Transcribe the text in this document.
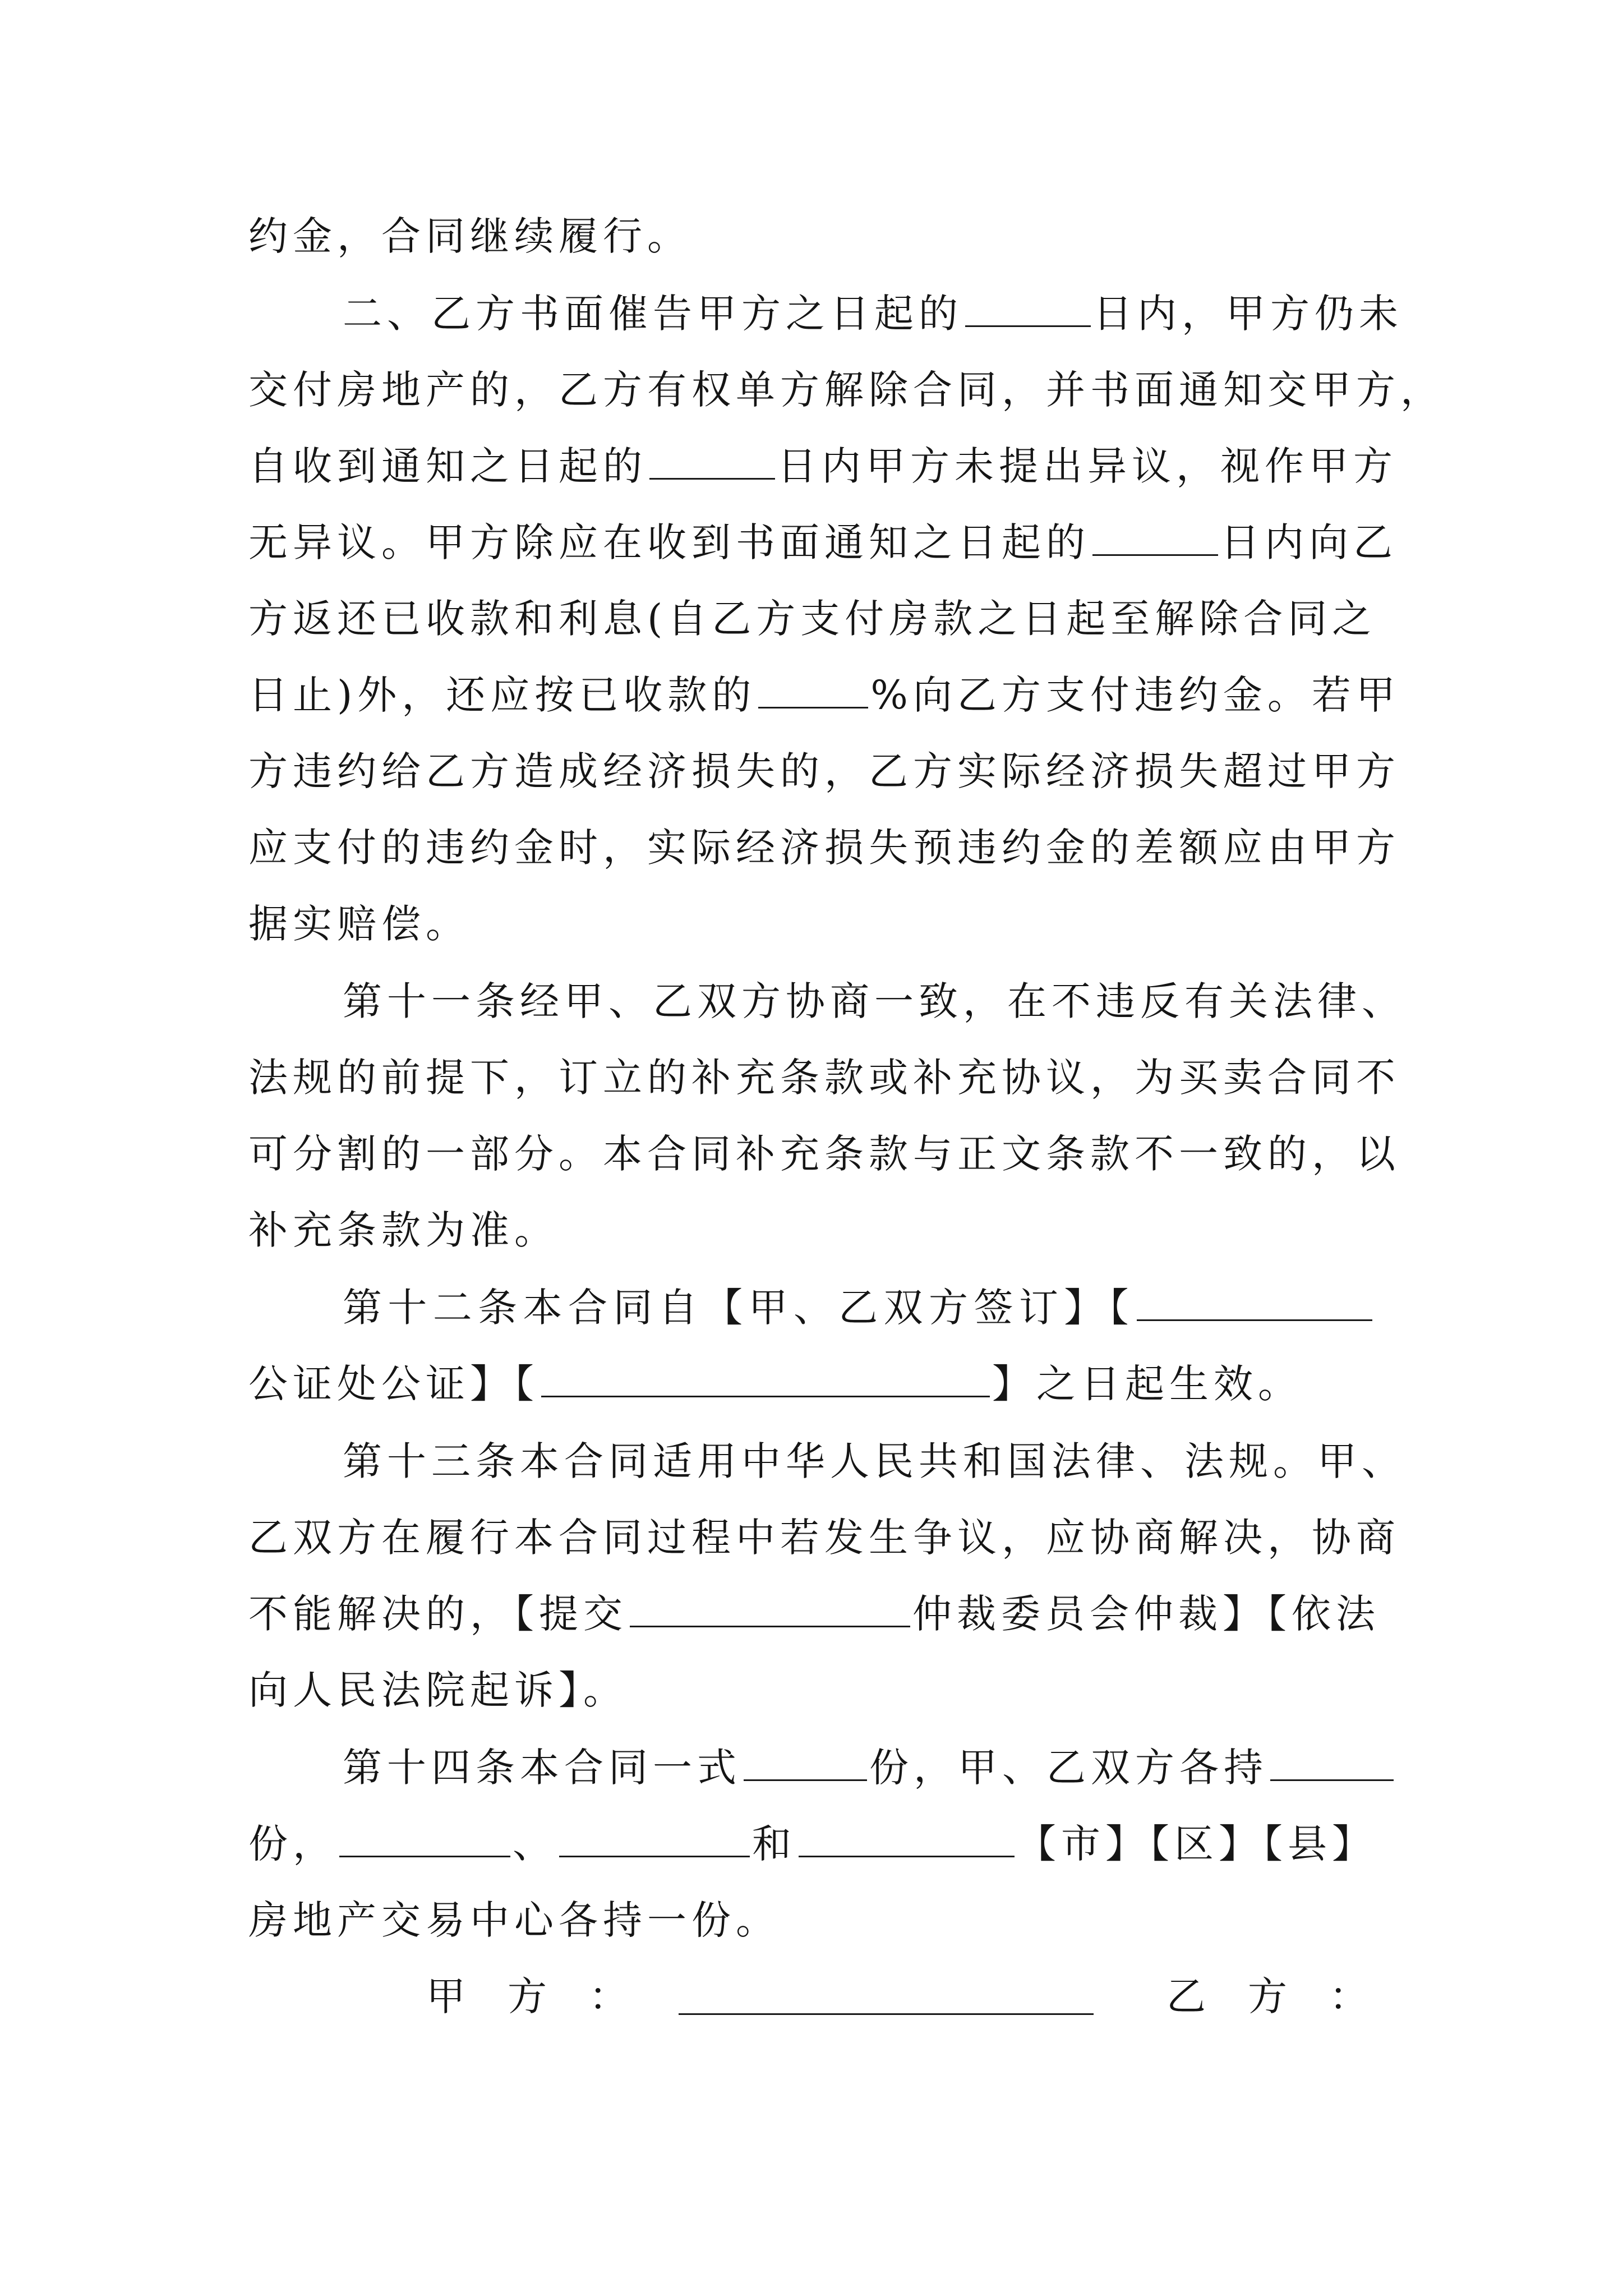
约金，合同继续履行。
二、乙方书面催告甲方之日起的	日内，甲方仍未
交付房地产的，乙方有权单方解除合同，并书面通知交甲方，
自收到通知之日起的	日内甲方未提出异议，视作甲方
无异议。甲方除应在收到书面通知之日起的	日内向乙
方返还已收款和利息(自乙方支付房款之日起至解除合同之
日止)外，还应按已收款的	%向乙方支付违约金。若甲
方违约给乙方造成经济损失的，乙方实际经济损失超过甲方
应支付的违约金时，实际经济损失预违约金的差额应由甲方
据实赔偿。
第十一条经甲、乙双方协商一致，在不违反有关法律、
法规的前提下，订立的补充条款或补充协议，为买卖合同不
可分割的一部分。本合同补充条款与正文条款不一致的，以
补充条款为准。
第十二条本合同自【甲、乙双方签订】【
公证处公证】【	】之日起生效。
第十三条本合同适用中华人民共和国法律、法规。甲、
乙双方在履行本合同过程中若发生争议，应协商解决，协商
不能解决的，【提交	仲裁委员会仲裁】【依法
向人民法院起诉】。
第十四条本合同一式	份，甲、乙双方各持
份，	、	和	【市】【区】【县】
房地产交易中心各持一份。
甲方：	乙方：
